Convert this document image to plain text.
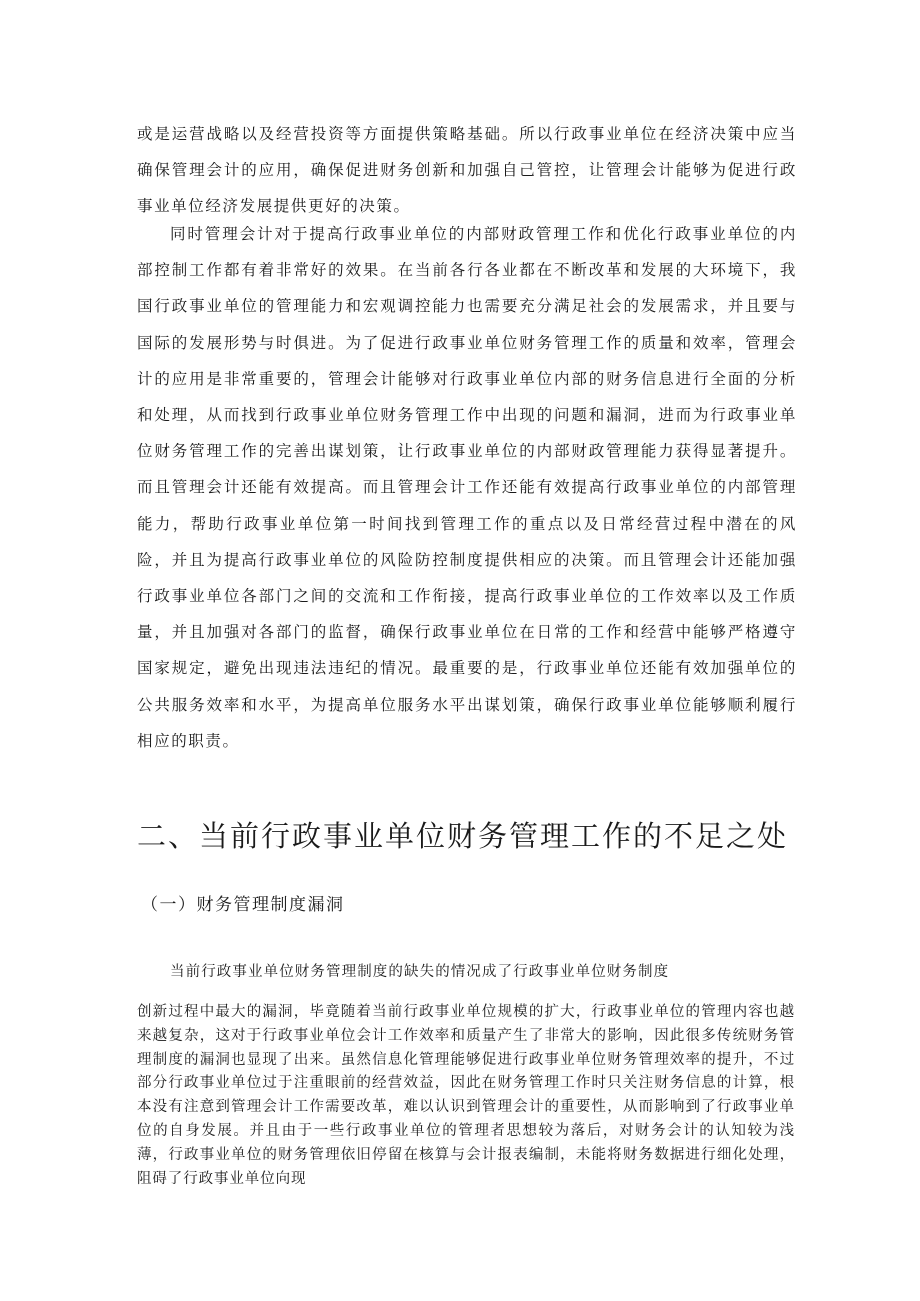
或是运营战略以及经营投资等方面提供策略基础。所以行政事业单位在经济决策中应当确保管理会计的应用，确保促进财务创新和加强自己管控，让管理会计能够为促进行政事业单位经济发展提供更好的决策。

同时管理会计对于提高行政事业单位的内部财政管理工作和优化行政事业单位的内部控制工作都有着非常好的效果。在当前各行各业都在不断改革和发展的大环境下，我国行政事业单位的管理能力和宏观调控能力也需要充分满足社会的发展需求，并且要与国际的发展形势与时俱进。为了促进行政事业单位财务管理工作的质量和效率，管理会计的应用是非常重要的，管理会计能够对行政事业单位内部的财务信息进行全面的分析和处理，从而找到行政事业单位财务管理工作中出现的问题和漏洞，进而为行政事业单位财务管理工作的完善出谋划策，让行政事业单位的内部财政管理能力获得显著提升。而且管理会计还能有效提高。而且管理会计工作还能有效提高行政事业单位的内部管理能力，帮助行政事业单位第一时间找到管理工作的重点以及日常经营过程中潜在的风险，并且为提高行政事业单位的风险防控制度提供相应的决策。而且管理会计还能加强行政事业单位各部门之间的交流和工作衔接，提高行政事业单位的工作效率以及工作质量，并且加强对各部门的监督，确保行政事业单位在日常的工作和经营中能够严格遵守国家规定，避免出现违法违纪的情况。最重要的是，行政事业单位还能有效加强单位的公共服务效率和水平，为提高单位服务水平出谋划策，确保行政事业单位能够顺利履行相应的职责。

二、当前行政事业单位财务管理工作的不足之处
（一）财务管理制度漏洞

当前行政事业单位财务管理制度的缺失的情况成了行政事业单位财务制度

创新过程中最大的漏洞，毕竟随着当前行政事业单位规模的扩大，行政事业单位的管理内容也越来越复杂，这对于行政事业单位会计工作效率和质量产生了非常大的影响，因此很多传统财务管理制度的漏洞也显现了出来。虽然信息化管理能够促进行政事业单位财务管理效率的提升，不过部分行政事业单位过于注重眼前的经营效益，因此在财务管理工作时只关注财务信息的计算，根本没有注意到管理会计工作需要改革，难以认识到管理会计的重要性，从而影响到了行政事业单位的自身发展。并且由于一些行政事业单位的管理者思想较为落后，对财务会计的认知较为浅薄，行政事业单位的财务管理依旧停留在核算与会计报表编制，未能将财务数据进行细化处理，阻碍了行政事业单位向现
